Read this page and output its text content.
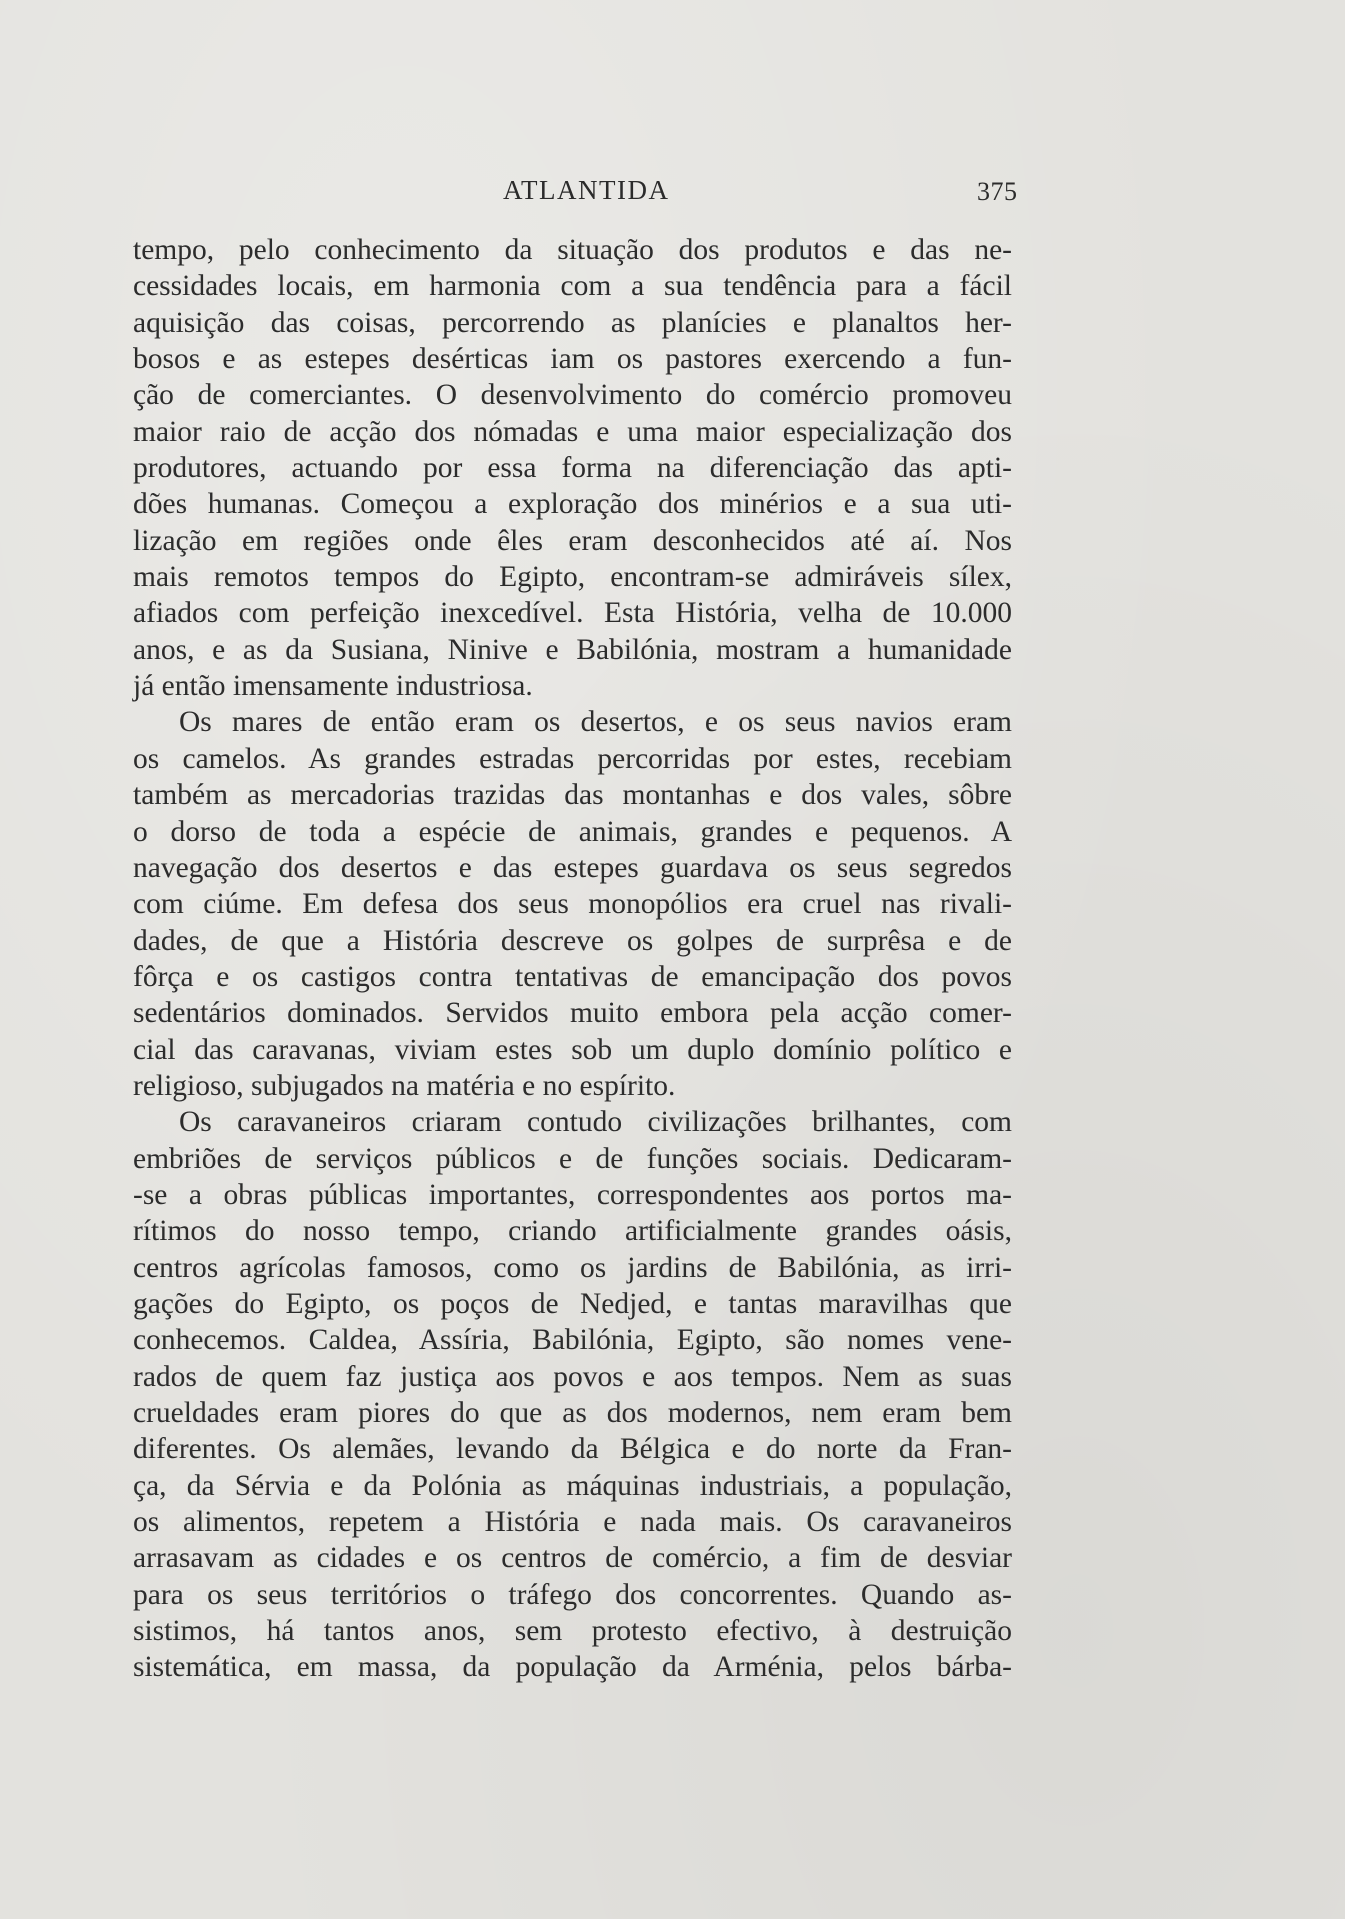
ATLANTIDA	375
tempo, pelo conhecimento da situação dos produtos e das ne-
cessidades locais, em harmonia com a sua tendência para a fácil
aquisição das coisas, percorrendo as planícies e planaltos her-
bosos e as estepes desérticas iam os pastores exercendo a fun-
ção de comerciantes. O desenvolvimento do comércio promoveu
maior raio de acção dos nómadas e uma maior especialização dos
produtores, actuando por essa forma na diferenciação das apti-
dões humanas. Começou a exploração dos minérios e a sua uti-
lização em regiões onde êles eram desconhecidos até aí. Nos
mais remotos tempos do Egipto, encontram-se admiráveis sílex,
afiados com perfeição inexcedível. Esta História, velha de 10.000
anos, e as da Susiana, Ninive e Babilónia, mostram a humanidade
já então imensamente industriosa.
Os mares de então eram os desertos, e os seus navios eram
os camelos. As grandes estradas percorridas por estes, recebiam
também as mercadorias trazidas das montanhas e dos vales, sôbre
o dorso de toda a espécie de animais, grandes e pequenos. A
navegação dos desertos e das estepes guardava os seus segredos
com ciúme. Em defesa dos seus monopólios era cruel nas rivali-
dades, de que a História descreve os golpes de surprêsa e de
fôrça e os castigos contra tentativas de emancipação dos povos
sedentários dominados. Servidos muito embora pela acção comer-
cial das caravanas, viviam estes sob um duplo domínio político e
religioso, subjugados na matéria e no espírito.
Os caravaneiros criaram contudo civilizações brilhantes, com
embriões de serviços públicos e de funções sociais. Dedicaram-
-se a obras públicas importantes, correspondentes aos portos ma-
rítimos do nosso tempo, criando artificialmente grandes oásis,
centros agrícolas famosos, como os jardins de Babilónia, as irri-
gações do Egipto, os poços de Nedjed, e tantas maravilhas que
conhecemos. Caldea, Assíria, Babilónia, Egipto, são nomes vene-
rados de quem faz justiça aos povos e aos tempos. Nem as suas
crueldades eram piores do que as dos modernos, nem eram bem
diferentes. Os alemães, levando da Bélgica e do norte da Fran-
ça, da Sérvia e da Polónia as máquinas industriais, a população,
os alimentos, repetem a História e nada mais. Os caravaneiros
arrasavam as cidades e os centros de comércio, a fim de desviar
para os seus territórios o tráfego dos concorrentes. Quando as-
sistimos, há tantos anos, sem protesto efectivo, à destruição
sistemática, em massa, da população da Arménia, pelos bárba-
